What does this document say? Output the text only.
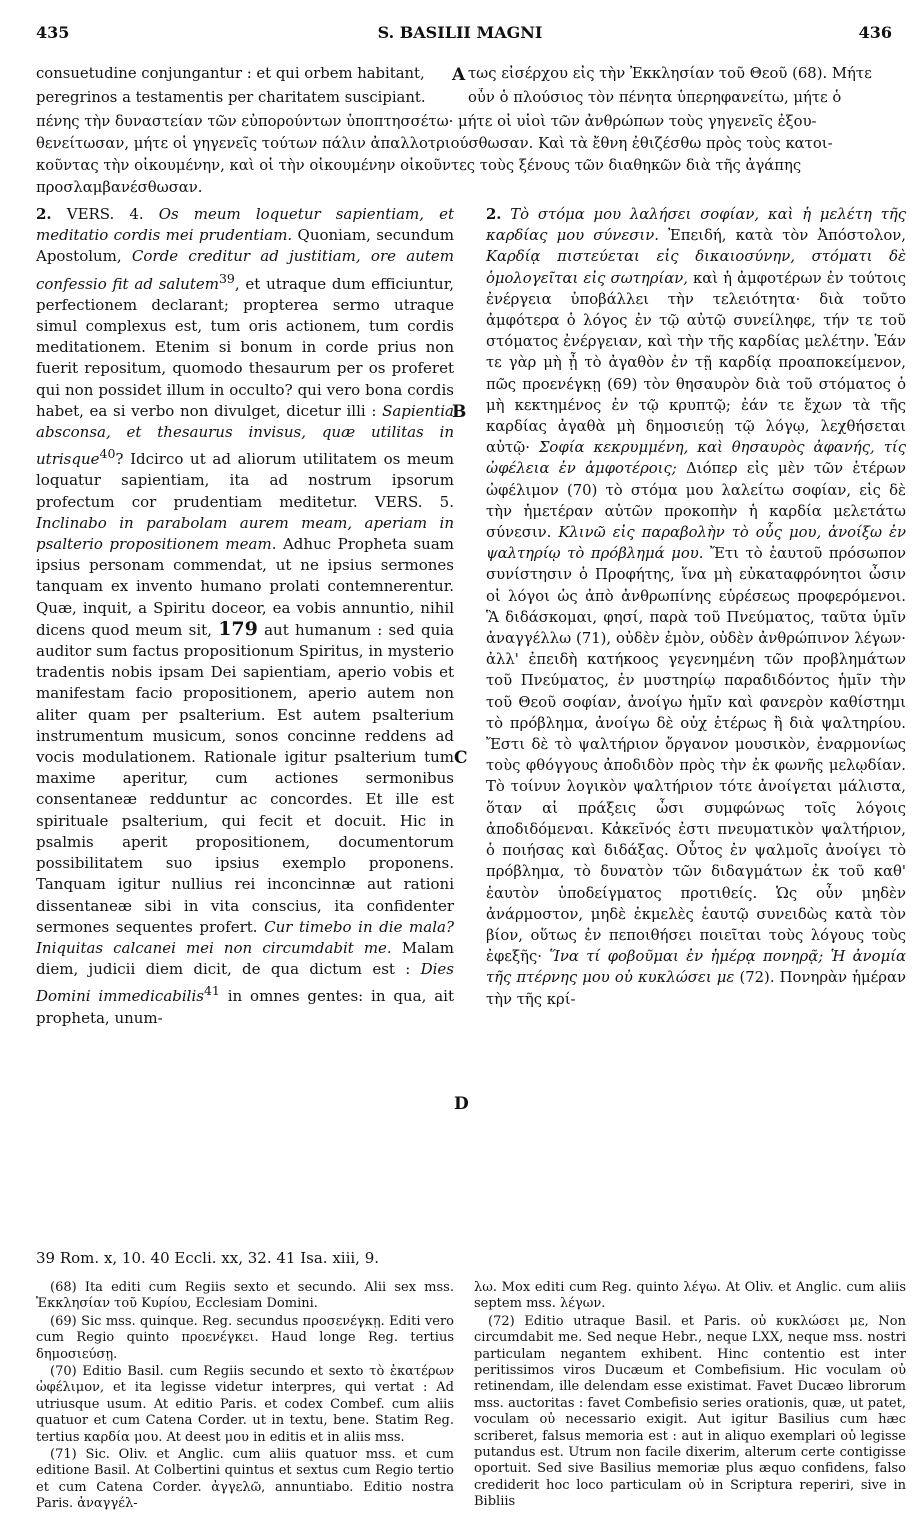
435	S. BASILII MAGNI	436
consuetudine conjungantur : et qui orbem habitant,
peregrinos a testamentis per charitatem suscipiant.
A τως εἰσέρχου εἰς τὴν Ἐκκλησίαν τοῦ Θεοῦ (68). Μήτε
οὖν ὁ πλούσιος τὸν πένητα ὑπερηφανείτω, μήτε ὁ
πένης τὴν δυναστείαν τῶν εὐπορούντων ὑποπτησσέτω· μήτε οἱ υἱοὶ τῶν ἀνθρώπων τοὺς γηγενεῖς ἐξου-
θενείτωσαν, μήτε οἱ γηγενεῖς τούτων πάλιν ἀπαλλοτριούσθωσαν. Καὶ τὰ ἔθνη ἐθιζέσθω πρὸς τοὺς κατοι-
κοῦντας τὴν οἰκουμένην, καὶ οἱ τὴν οἰκουμένην οἰκοῦντες τοὺς ξένους τῶν διαθηκῶν διὰ τῆς ἀγάπης
προσλαμβανέσθωσαν.

2. VERS. 4. Os meum loquetur sapientiam, et meditatio cordis mei prudentiam. Quoniam, secundum Apostolum, Corde creditur ad justitiam, ore autem confessio fit ad salutem$^{39}$, et utraque dum efficiuntur, perfectionem declarant; propterea sermo utraque simul complexus est, tum oris actionem, tum cordis meditationem. Etenim si bonum in corde prius non fuerit repositum, quomodo thesaurum per os proferet qui non possidet illum in occulto? qui vero bona cordis habet, ea si verbo non divulget, dicetur illi : Sapientia absconsa, et thesaurus invisus, quæ utilitas in utrisque$^{40}$? Idcirco ut ad aliorum utilitatem os meum loquatur sapientiam, ita ad nostrum ipsorum profectum cor prudentiam meditetur. VERS. 5. Inclinabo in parabolam aurem meam, aperiam in psalterio propositionem meam. Adhuc Propheta suam ipsius personam commendat, ut ne ipsius sermones tanquam ex invento humano prolati contemnerentur. Quæ, inquit, a Spiritu doceor, ea vobis annuntio, nihil dicens quod meum sit, 179 aut humanum : sed quia auditor sum factus propositionum Spiritus, in mysterio tradentis nobis ipsam Dei sapientiam, aperio vobis et manifestam facio propositionem, aperio autem non aliter quam per psalterium. Est autem psalterium instrumentum musicum, sonos concinne reddens ad vocis modulationem. Rationale igitur psalterium tum maxime aperitur, cum actiones sermonibus consentaneæ redduntur ac concordes. Et ille est spirituale psalterium, qui fecit et docuit. Hic in psalmis aperit propositionem, documentorum possibilitatem suo ipsius exemplo proponens. Tanquam igitur nullius rei inconcinnæ aut rationi dissentaneæ sibi in vita conscius, ita confidenter sermones sequentes profert. Cur timebo in die mala? Iniquitas calcanei mei non circumdabit me. Malam diem, judicii diem dicit, de qua dictum est : Dies Domini immedicabilis$^{41}$ in omnes gentes: in qua, ait propheta, unum-

B
C
D

2. Τὸ στόμα μου λαλήσει σοφίαν, καὶ ἡ μελέτη τῆς καρδίας μου σύνεσιν. Ἐπειδή, κατὰ τὸν Ἀπόστολον, Καρδίᾳ πιστεύεται εἰς δικαιοσύνην, στόματι δὲ ὁμολογεῖται εἰς σωτηρίαν, καὶ ἡ ἀμφοτέρων ἐν τούτοις ἐνέργεια ὑποβάλλει τὴν τελειότητα· διὰ τοῦτο ἀμφότερα ὁ λόγος ἐν τῷ αὐτῷ συνείληφε, τήν τε τοῦ στόματος ἐνέργειαν, καὶ τὴν τῆς καρδίας μελέτην. Ἐάν τε γὰρ μὴ ᾖ τὸ ἀγαθὸν ἐν τῇ καρδίᾳ προαποκείμενον, πῶς προενέγκῃ (69) τὸν θησαυρὸν διὰ τοῦ στόματος ὁ μὴ κεκτημένος ἐν τῷ κρυπτῷ; ἐάν τε ἔχων τὰ τῆς καρδίας ἀγαθὰ μὴ δημοσιεύῃ τῷ λόγῳ, λεχθήσεται αὐτῷ· Σοφία κεκρυμμένη, καὶ θησαυρὸς ἀφανής, τίς ὠφέλεια ἐν ἀμφοτέροις; Διόπερ εἰς μὲν τῶν ἑτέρων ὠφέλιμον (70) τὸ στόμα μου λαλείτω σοφίαν, εἰς δὲ τὴν ἡμετέραν αὐτῶν προκοπὴν ἡ καρδία μελετάτω σύνεσιν. Κλινῶ εἰς παραβολὴν τὸ οὖς μου, ἀνοίξω ἐν ψαλτηρίῳ τὸ πρόβλημά μου. Ἔτι τὸ ἑαυτοῦ πρόσωπον συνίστησιν ὁ Προφήτης, ἵνα μὴ εὐκαταφρόνητοι ὦσιν οἱ λόγοι ὡς ἀπὸ ἀνθρωπίνης εὑρέσεως προφερόμενοι. Ἃ διδάσκομαι, φησί, παρὰ τοῦ Πνεύματος, ταῦτα ὑμῖν ἀναγγέλλω (71), οὐδὲν ἐμὸν, οὐδὲν ἀνθρώπινον λέγων· ἀλλ' ἐπειδὴ κατήκοος γεγενημένη τῶν προβλημάτων τοῦ Πνεύματος, ἐν μυστηρίῳ παραδιδόντος ἡμῖν τὴν τοῦ Θεοῦ σοφίαν, ἀνοίγω ἡμῖν καὶ φανερὸν καθίστημι τὸ πρόβλημα, ἀνοίγω δὲ οὐχ ἑτέρως ἢ διὰ ψαλτηρίου. Ἔστι δὲ τὸ ψαλτήριον ὄργανον μουσικὸν, ἐναρμονίως τοὺς φθόγγους ἀποδιδὸν πρὸς τὴν ἐκ φωνῆς μελῳδίαν. Τὸ τοίνυν λογικὸν ψαλτήριον τότε ἀνοίγεται μάλιστα, ὅταν αἱ πράξεις ὦσι συμφώνως τοῖς λόγοις ἀποδιδόμεναι. Κἀκεῖνός ἐστι πνευματικὸν ψαλτήριον, ὁ ποιήσας καὶ διδάξας. Οὗτος ἐν ψαλμοῖς ἀνοίγει τὸ πρόβλημα, τὸ δυνατὸν τῶν διδαγμάτων ἐκ τοῦ καθ' ἑαυτὸν ὑποδείγματος προτιθείς. Ὡς οὖν μηδὲν ἀνάρμοστον, μηδὲ ἐκμελὲς ἑαυτῷ συνειδὼς κατὰ τὸν βίον, οὕτως ἐν πεποιθήσει ποιεῖται τοὺς λόγους τοὺς ἐφεξῆς· Ἵνα τί φοβοῦμαι ἐν ἡμέρᾳ πονηρᾷ; Ἡ ἀνομία τῆς πτέρνης μου οὐ κυκλώσει με (72). Πονηρὰν ἡμέραν τὴν τῆς κρί-

39 Rom. x, 10. 40 Eccli. xx, 32. 41 Isa. xiii, 9.

(68) Ita editi cum Regiis sexto et secundo. Alii sex mss. Ἐκκλησίαν τοῦ Κυρίου, Ecclesiam Domini.

(69) Sic mss. quinque. Reg. secundus προσενέγκῃ. Editi vero cum Regio quinto προενέγκει. Haud longe Reg. tertius δημοσιεύσῃ.

(70) Editio Basil. cum Regiis secundo et sexto τὸ ἑκατέρων ὠφέλιμον, et ita legisse videtur interpres, qui vertat : Ad utriusque usum. At editio Paris. et codex Combef. cum aliis quatuor et cum Catena Corder. ut in textu, bene. Statim Reg. tertius καρδία μου. At deest μου in editis et in aliis mss.

(71) Sic. Oliv. et Anglic. cum aliis quatuor mss. et cum editione Basil. At Colbertini quintus et sextus cum Regio tertio et cum Catena Corder. ἀγγελῶ, annuntiabo. Editio nostra Paris. ἀναγγέλ-

λω. Mox editi cum Reg. quinto λέγω. At Oliv. et Anglic. cum aliis septem mss. λέγων.

(72) Editio utraque Basil. et Paris. οὐ κυκλώσει με, Non circumdabit me. Sed neque Hebr., neque LXX, neque mss. nostri particulam negantem exhibent. Hinc contentio est inter peritissimos viros Ducæum et Combefisium. Hic voculam οὐ retinendam, ille delendam esse existimat. Favet Ducæo librorum mss. auctoritas : favet Combefisio series orationis, quæ, ut patet, voculam οὐ necessario exigit. Aut igitur Basilius cum hæc scriberet, falsus memoria est : aut in aliquo exemplari οὐ legisse putandus est. Utrum non facile dixerim, alterum certe contigisse oportuit. Sed sive Basilius memoriæ plus æquo confidens, falso crediderit hoc loco particulam οὐ in Scriptura reperiri, sive in Bibliis
